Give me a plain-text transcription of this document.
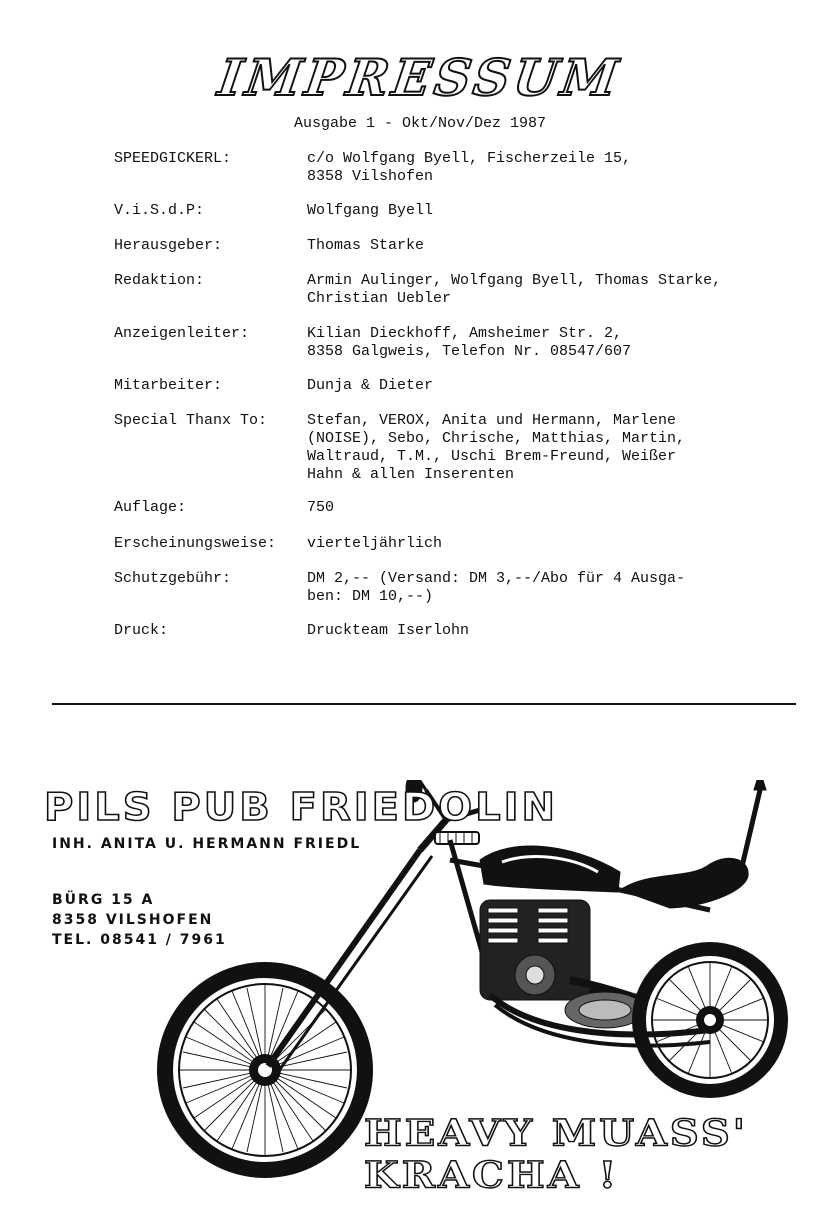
IMPRESSUM
Ausgabe 1 - Okt/Nov/Dez 1987
SPEEDGICKERL:	c/o Wolfgang Byell, Fischerzeile 15,
8358 Vilshofen
V.i.S.d.P:	Wolfgang Byell
Herausgeber:	Thomas Starke
Redaktion:	Armin Aulinger, Wolfgang Byell, Thomas Starke,
Christian Uebler
Anzeigenleiter:	Kilian Dieckhoff, Amsheimer Str. 2,
8358 Galgweis, Telefon Nr. 08547/607
Mitarbeiter:	Dunja & Dieter
Special Thanx To:	Stefan, VEROX, Anita und Hermann, Marlene
(NOISE), Sebo, Chrische, Matthias, Martin,
Waltraud, T.M., Uschi Brem-Freund, Weißer
Hahn & allen Inserenten
Auflage:	750
Erscheinungsweise:	vierteljährlich
Schutzgebühr:	DM 2,-- (Versand: DM 3,--/Abo für 4 Ausga-
ben: DM 10,--)
Druck:	Druckteam Iserlohn
PILS PUB FRIEDOLIN
INH. ANITA U. HERMANN FRIEDL
BÜRG 15 A
8358 VILSHOFEN
TEL. 08541 / 7961
HEAVY MUASS' KRACHA !
